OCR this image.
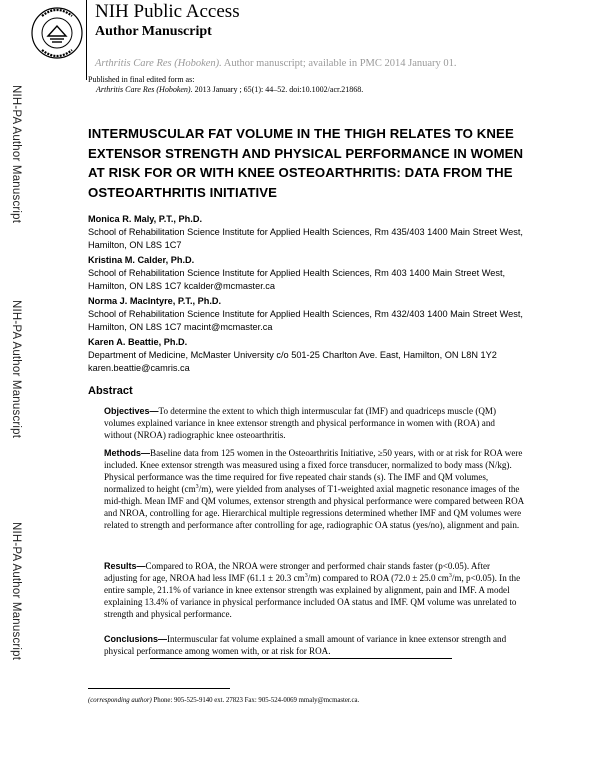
NIH Public Access
Author Manuscript
Arthritis Care Res (Hoboken). Author manuscript; available in PMC 2014 January 01.
Published in final edited form as:
Arthritis Care Res (Hoboken). 2013 January ; 65(1): 44–52. doi:10.1002/acr.21868.
NIH-PA Author Manuscript
NIH-PA Author Manuscript
NIH-PA Author Manuscript
INTERMUSCULAR FAT VOLUME IN THE THIGH RELATES TO KNEE EXTENSOR STRENGTH AND PHYSICAL PERFORMANCE IN WOMEN AT RISK FOR OR WITH KNEE OSTEOARTHRITIS: DATA FROM THE OSTEOARTHRITIS INITIATIVE
Monica R. Maly, P.T., Ph.D.
School of Rehabilitation Science Institute for Applied Health Sciences, Rm 435/403 1400 Main Street West, Hamilton, ON L8S 1C7
Kristina M. Calder, Ph.D.
School of Rehabilitation Science Institute for Applied Health Sciences, Rm 403 1400 Main Street West, Hamilton, ON L8S 1C7 kcalder@mcmaster.ca
Norma J. MacIntyre, P.T., Ph.D.
School of Rehabilitation Science Institute for Applied Health Sciences, Rm 432/403 1400 Main Street West, Hamilton, ON L8S 1C7 macint@mcmaster.ca
Karen A. Beattie, Ph.D.
Department of Medicine, McMaster University c/o 501-25 Charlton Ave. East, Hamilton, ON L8N 1Y2 karen.beattie@camris.ca
Abstract
Objectives—To determine the extent to which thigh intermuscular fat (IMF) and quadriceps muscle (QM) volumes explained variance in knee extensor strength and physical performance in women with (ROA) and without (NROA) radiographic knee osteoarthritis.
Methods—Baseline data from 125 women in the Osteoarthritis Initiative, ≥50 years, with or at risk for ROA were included. Knee extensor strength was measured using a fixed force transducer, normalized to body mass (N/kg). Physical performance was the time required for five repeated chair stands (s). The IMF and QM volumes, normalized to height $(cm^3/m)$, were yielded from analyses of T1-weighted axial magnetic resonance images of the mid-thigh. Mean IMF and QM volumes, extensor strength and physical performance were compared between ROA and NROA, controlling for age. Hierarchical multiple regressions determined whether IMF and QM volumes were related to strength and performance after controlling for age, radiographic OA status (yes/no), alignment and pain.
Results—Compared to ROA, the NROA were stronger and performed chair stands faster (p<0.05). After adjusting for age, NROA had less IMF (61.1 ± 20.3 $cm^3/m$) compared to ROA (72.0 ± 25.0 $cm^3/m$, p<0.05). In the entire sample, 21.1% of variance in knee extensor strength was explained by alignment, pain and IMF. A model explaining 13.4% of variance in physical performance included OA status and IMF. QM volume was unrelated to strength and physical performance.
Conclusions—Intermuscular fat volume explained a small amount of variance in knee extensor strength and physical performance among women with, or at risk for ROA.
(corresponding author) Phone: 905-525-9140 ext. 27823 Fax: 905-524-0069 mmaly@mcmaster.ca.
